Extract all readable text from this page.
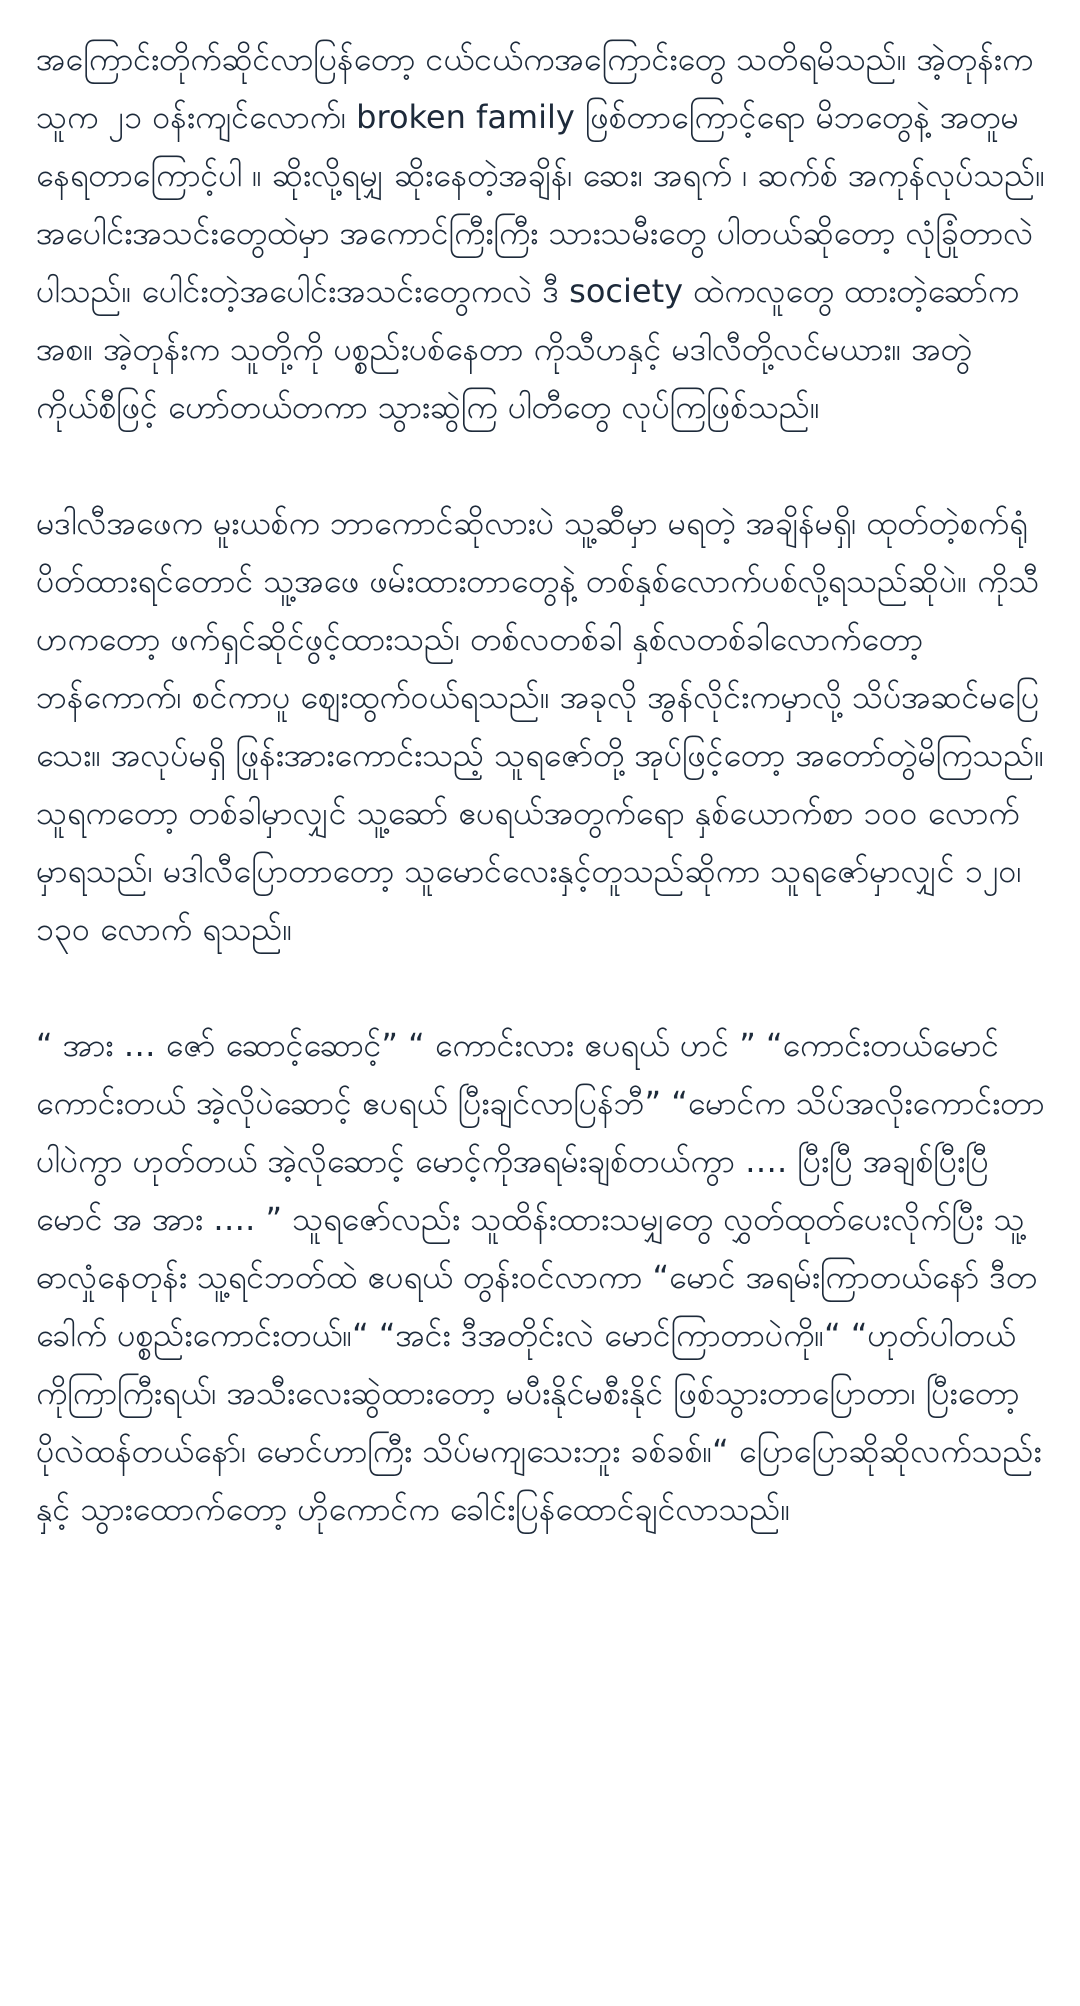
အကြောင်းတိုက်ဆိုင်လာပြန်တော့ ငယ်ငယ်ကအကြောင်းတွေ သတိရမိသည်။ အဲ့တုန်းက သူက ၂၁ ဝန်းကျင်လောက်၊ broken family ဖြစ်တာကြောင့်ရော မိဘတွေနဲ့ အတူမနေရတာကြောင့်ပါ ။ ဆိုးလို့ရမျှ ဆိုးနေတဲ့အချိန်၊ ဆေး၊ အရက် ၊ ဆက်စ် အကုန်လုပ်သည်။ အပေါင်းအသင်းတွေထဲမှာ အကောင်ကြီးကြီး သားသမီးတွေ ပါတယ်ဆိုတော့ လုံခြုံတာလဲပါသည်။ ပေါင်းတဲ့အပေါင်းအသင်းတွေကလဲ ဒီ society ထဲကလူတွေ ထားတဲ့ဆော်ကအစ။ အဲ့တုန်းက သူတို့ကို ပစ္စည်းပစ်နေတာ ကိုသီဟနှင့် မဒါလီတို့လင်မယား။ အတွဲကိုယ်စီဖြင့် ဟော်တယ်တကာ သွားဆွဲကြ ပါတီတွေ လုပ်ကြဖြစ်သည်။

မဒါလီအဖေက မူးယစ်က ဘာကောင်ဆိုလားပဲ သူ့ဆီမှာ မရတဲ့ အချိန်မရှိ၊ ထုတ်တဲ့စက်ရုံ ပိတ်ထားရင်တောင် သူ့အဖေ ဖမ်းထားတာတွေနဲ့ တစ်နှစ်လောက်ပစ်လို့ရသည်ဆိုပဲ။ ကိုသီဟကတော့ ဖက်ရှင်ဆိုင်ဖွင့်ထားသည်၊ တစ်လတစ်ခါ နှစ်လတစ်ခါလောက်တော့ ဘန်ကောက်၊ စင်ကာပူ ဈေးထွက်ဝယ်ရသည်။ အခုလို အွန်လိုင်းကမှာလို့ သိပ်အဆင်မပြေသေး။ အလုပ်မရှိ ဖြုန်းအားကောင်းသည့် သူရဇော်တို့ အုပ်ဖြင့်တော့ အတော်တွဲမိကြသည်။ သူရကတော့ တစ်ခါမှာလျှင် သူ့ဆော် ဧပရယ်အတွက်ရော နှစ်ယောက်စာ ၁၀၀ လောက် မှာရသည်၊ မဒါလီပြောတာတော့ သူမောင်လေးနှင့်တူသည်ဆိုကာ သူရဇော်မှာလျှင် ၁၂၀၊ ၁၃၀ လောက် ရသည်။

“ အား … ဇော် ဆောင့်ဆောင့်” “ ကောင်းလား ဧပရယ် ဟင် ” “ကောင်းတယ်မောင် ကောင်းတယ် အဲ့လိုပဲဆောင့် ဧပရယ် ပြီးချင်လာပြန်ဘီ” “မောင်က သိပ်အလိုးကောင်းတာပါပဲကွာ ဟုတ်တယ် အဲ့လိုဆောင့် မောင့်ကိုအရမ်းချစ်တယ်ကွာ …. ပြီးပြီ အချစ်ပြီးပြီ မောင် အ အား …. ” သူရဇော်လည်း သူထိန်းထားသမျှတွေ လွှတ်ထုတ်ပေးလိုက်ပြီး သူ့ဓာလှုံနေတုန်း သူ့ရင်ဘတ်ထဲ ဧပရယ် တွန်းဝင်လာကာ “မောင် အရမ်းကြာတယ်နော် ဒီတခေါက် ပစ္စည်းကောင်းတယ်။“ “အင်း ဒီအတိုင်းလဲ မောင်ကြာတာပဲကို။“ “ဟုတ်ပါတယ် ကိုကြာကြီးရယ်၊ အသီးလေးဆွဲထားတော့ မပီးနိုင်မစီးနိုင် ဖြစ်သွားတာပြောတာ၊ ပြီးတော့ ပိုလဲထန်တယ်နော်၊ မောင်ဟာကြီး သိပ်မကျသေးဘူး ခစ်ခစ်။“ ပြောပြောဆိုဆိုလက်သည်းနှင့် သွားထောက်တော့ ဟိုကောင်က ခေါင်းပြန်ထောင်ချင်လာသည်။
